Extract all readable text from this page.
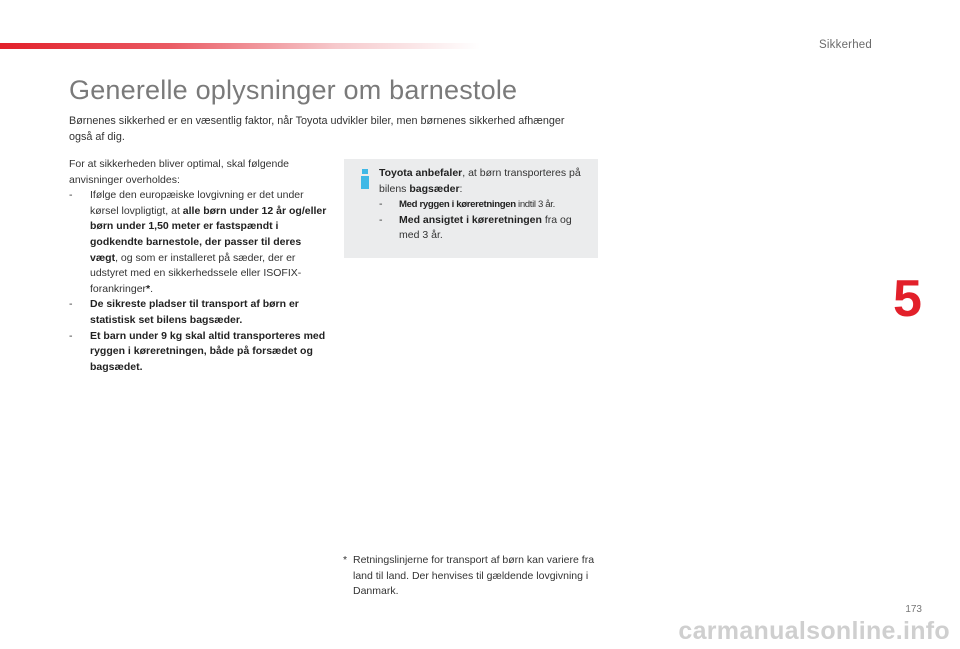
Sikkerhed
Generelle oplysninger om barnestole

Børnenes sikkerhed er en væsentlig faktor, når Toyota udvikler biler, men børnenes sikkerhed afhænger også af dig.

For at sikkerheden bliver optimal, skal følgende anvisninger overholdes:

- Ifølge den europæiske lovgivning er det under kørsel lovpligtigt, at alle børn under 12 år og/eller børn under 1,50 meter er fastspændt i godkendte barnestole, der passer til deres vægt, og som er installeret på sæder, der er udstyret med en sikkerhedssele eller ISOFIX-forankringer*.

- De sikreste pladser til transport af børn er statistisk set bilens bagsæder.

- Et barn under 9 kg skal altid transporteres med ryggen i køreretningen, både på forsædet og bagsædet.

Toyota anbefaler, at børn transporteres på bilens bagsæder:

- Med ryggen i køreretningen indtil 3 år.

- Med ansigtet i køreretningen fra og med 3 år.

* Retningslinjerne for transport af børn kan variere fra land til land. Der henvises til gældende lovgivning i Danmark.
5
173
carmanualsonline.info
